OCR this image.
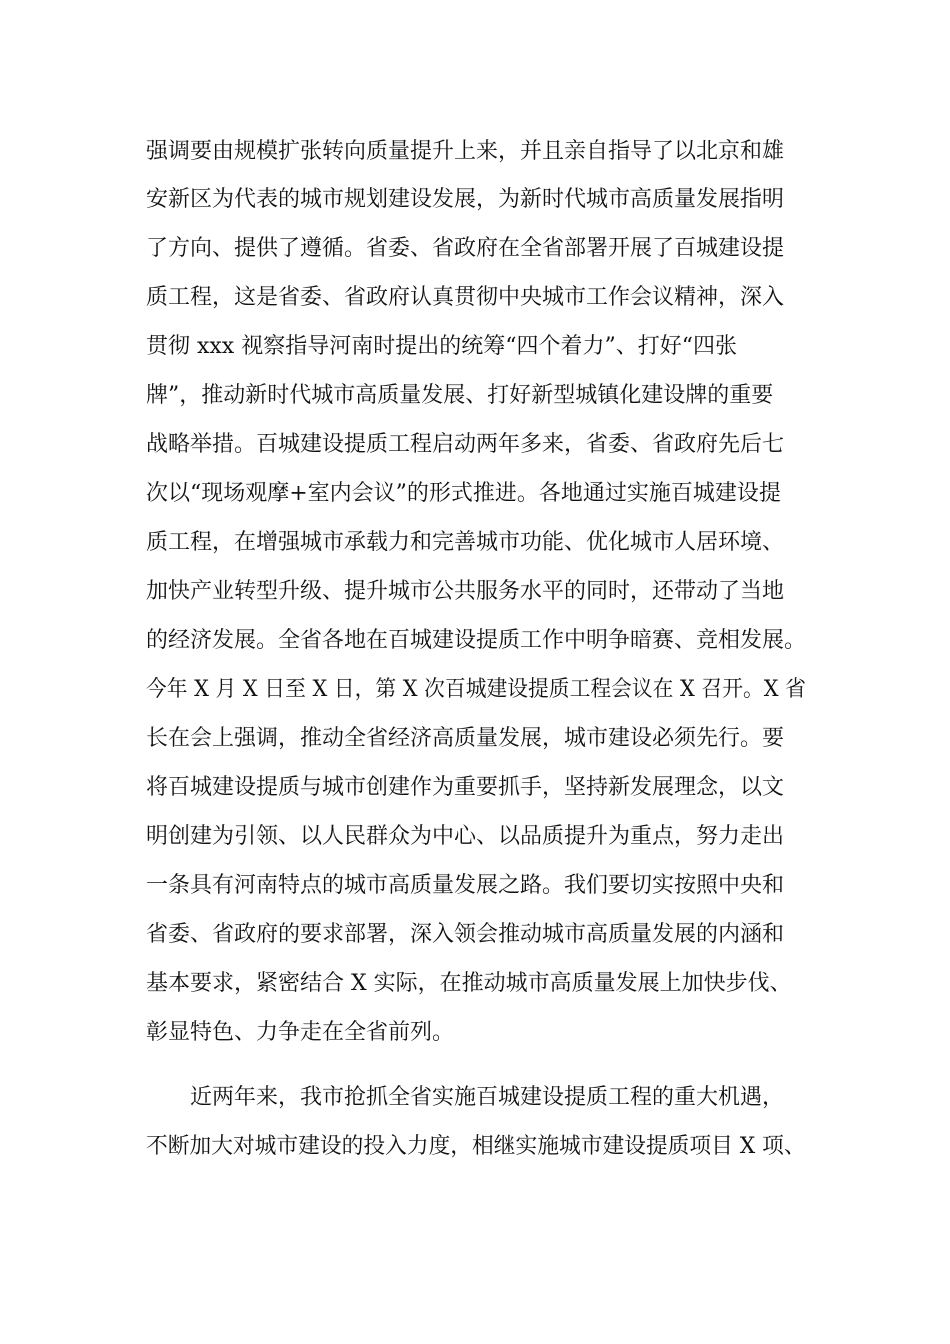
强调要由规模扩张转向质量提升上来，并且亲自指导了以北京和雄
安新区为代表的城市规划建设发展，为新时代城市高质量发展指明
了方向、提供了遵循。省委、省政府在全省部署开展了百城建设提
质工程，这是省委、省政府认真贯彻中央城市工作会议精神，深入
贯彻 xxx 视察指导河南时提出的统筹“四个着力”、打好“四张
牌”，推动新时代城市高质量发展、打好新型城镇化建设牌的重要
战略举措。百城建设提质工程启动两年多来，省委、省政府先后七
次以“现场观摩+室内会议”的形式推进。各地通过实施百城建设提
质工程，在增强城市承载力和完善城市功能、优化城市人居环境、
加快产业转型升级、提升城市公共服务水平的同时，还带动了当地
的经济发展。全省各地在百城建设提质工作中明争暗赛、竞相发展。
今年 X 月 X 日至 X 日，第 X 次百城建设提质工程会议在 X 召开。X 省
长在会上强调，推动全省经济高质量发展，城市建设必须先行。要
将百城建设提质与城市创建作为重要抓手，坚持新发展理念，以文
明创建为引领、以人民群众为中心、以品质提升为重点，努力走出
一条具有河南特点的城市高质量发展之路。我们要切实按照中央和
省委、省政府的要求部署，深入领会推动城市高质量发展的内涵和
基本要求，紧密结合 X 实际，在推动城市高质量发展上加快步伐、
彰显特色、力争走在全省前列。
近两年来，我市抢抓全省实施百城建设提质工程的重大机遇，
不断加大对城市建设的投入力度，相继实施城市建设提质项目 X 项、
